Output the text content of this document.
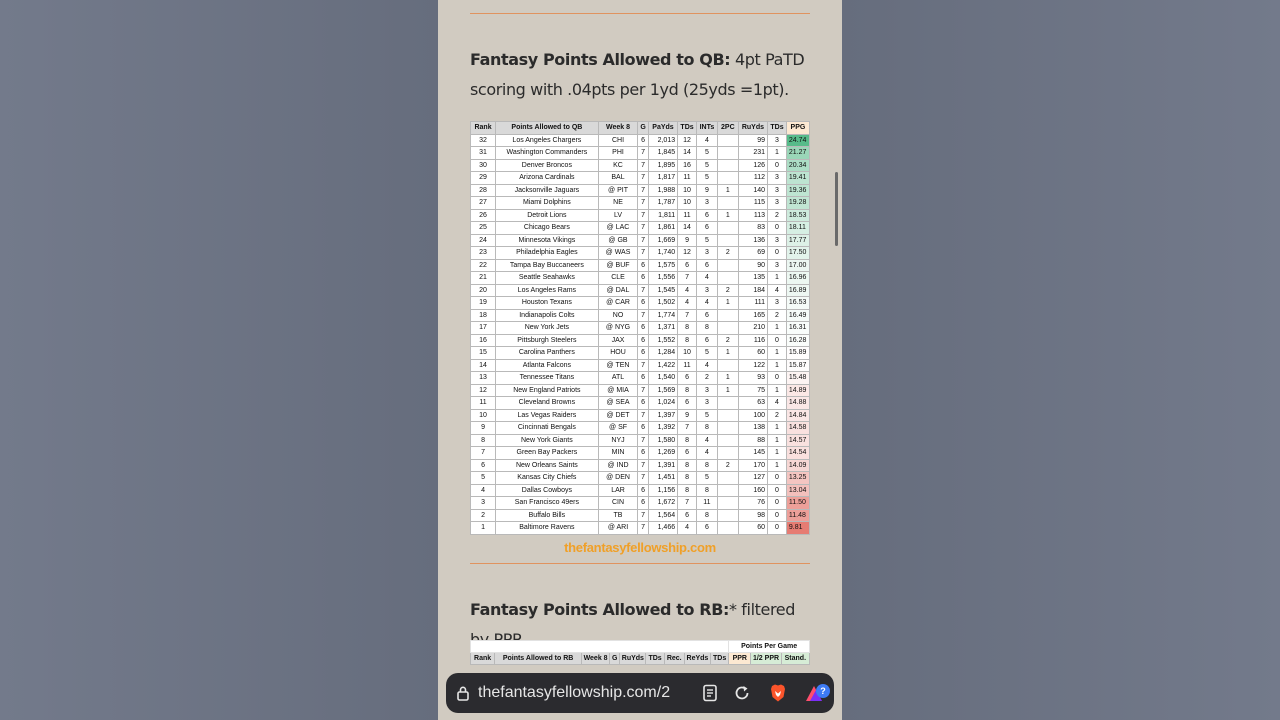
Fantasy Points Allowed to QB: 4pt PaTD scoring with .04pts per 1yd (25yds =1pt).
Rank	Points Allowed to QB	Week 8	G	PaYds	TDs	INTs	2PC	RuYds	TDs	PPG
32	Los Angeles Chargers	CHI	6	2,013	12	4		99	3	24.74
31	Washington Commanders	PHI	7	1,845	14	5		231	1	21.27
30	Denver Broncos	KC	7	1,895	16	5		126	0	20.34
29	Arizona Cardinals	BAL	7	1,817	11	5		112	3	19.41
28	Jacksonville Jaguars	@ PIT	7	1,988	10	9	1	140	3	19.36
27	Miami Dolphins	NE	7	1,787	10	3		115	3	19.28
26	Detroit Lions	LV	7	1,811	11	6	1	113	2	18.53
25	Chicago Bears	@ LAC	7	1,861	14	6		83	0	18.11
24	Minnesota Vikings	@ GB	7	1,669	9	5		136	3	17.77
23	Philadelphia Eagles	@ WAS	7	1,740	12	3	2	69	0	17.50
22	Tampa Bay Buccaneers	@ BUF	6	1,575	6	6		90	3	17.00
21	Seattle Seahawks	CLE	6	1,556	7	4		135	1	16.96
20	Los Angeles Rams	@ DAL	7	1,545	4	3	2	184	4	16.89
19	Houston Texans	@ CAR	6	1,502	4	4	1	111	3	16.53
18	Indianapolis Colts	NO	7	1,774	7	6		165	2	16.49
17	New York Jets	@ NYG	6	1,371	8	8		210	1	16.31
16	Pittsburgh Steelers	JAX	6	1,552	8	6	2	116	0	16.28
15	Carolina Panthers	HOU	6	1,284	10	5	1	60	1	15.89
14	Atlanta Falcons	@ TEN	7	1,422	11	4		122	1	15.87
13	Tennessee Titans	ATL	6	1,540	6	2	1	93	0	15.48
12	New England Patriots	@ MIA	7	1,569	8	3	1	75	1	14.89
11	Cleveland Browns	@ SEA	6	1,024	6	3		63	4	14.88
10	Las Vegas Raiders	@ DET	7	1,397	9	5		100	2	14.84
9	Cincinnati Bengals	@ SF	6	1,392	7	8		138	1	14.58
8	New York Giants	NYJ	7	1,580	8	4		88	1	14.57
7	Green Bay Packers	MIN	6	1,269	6	4		145	1	14.54
6	New Orleans Saints	@ IND	7	1,391	8	8	2	170	1	14.09
5	Kansas City Chiefs	@ DEN	7	1,451	8	5		127	0	13.25
4	Dallas Cowboys	LAR	6	1,156	8	8		160	0	13.04
3	San Francisco 49ers	CIN	6	1,672	7	11		76	0	11.50
2	Buffalo Bills	TB	7	1,564	6	8		98	0	11.48
1	Baltimore Ravens	@ ARI	7	1,466	4	6		60	0	9.81
thefantasyfellowship.com
Fantasy Points Allowed to RB:* filtered
									Points Per Game		
Rank	Points Allowed to RB	Week 8	G	RuYds	TDs	Rec.	ReYds	TDs	PPR	1/2 PPR	Stand.
thefantasyfellowship.com/2	?
